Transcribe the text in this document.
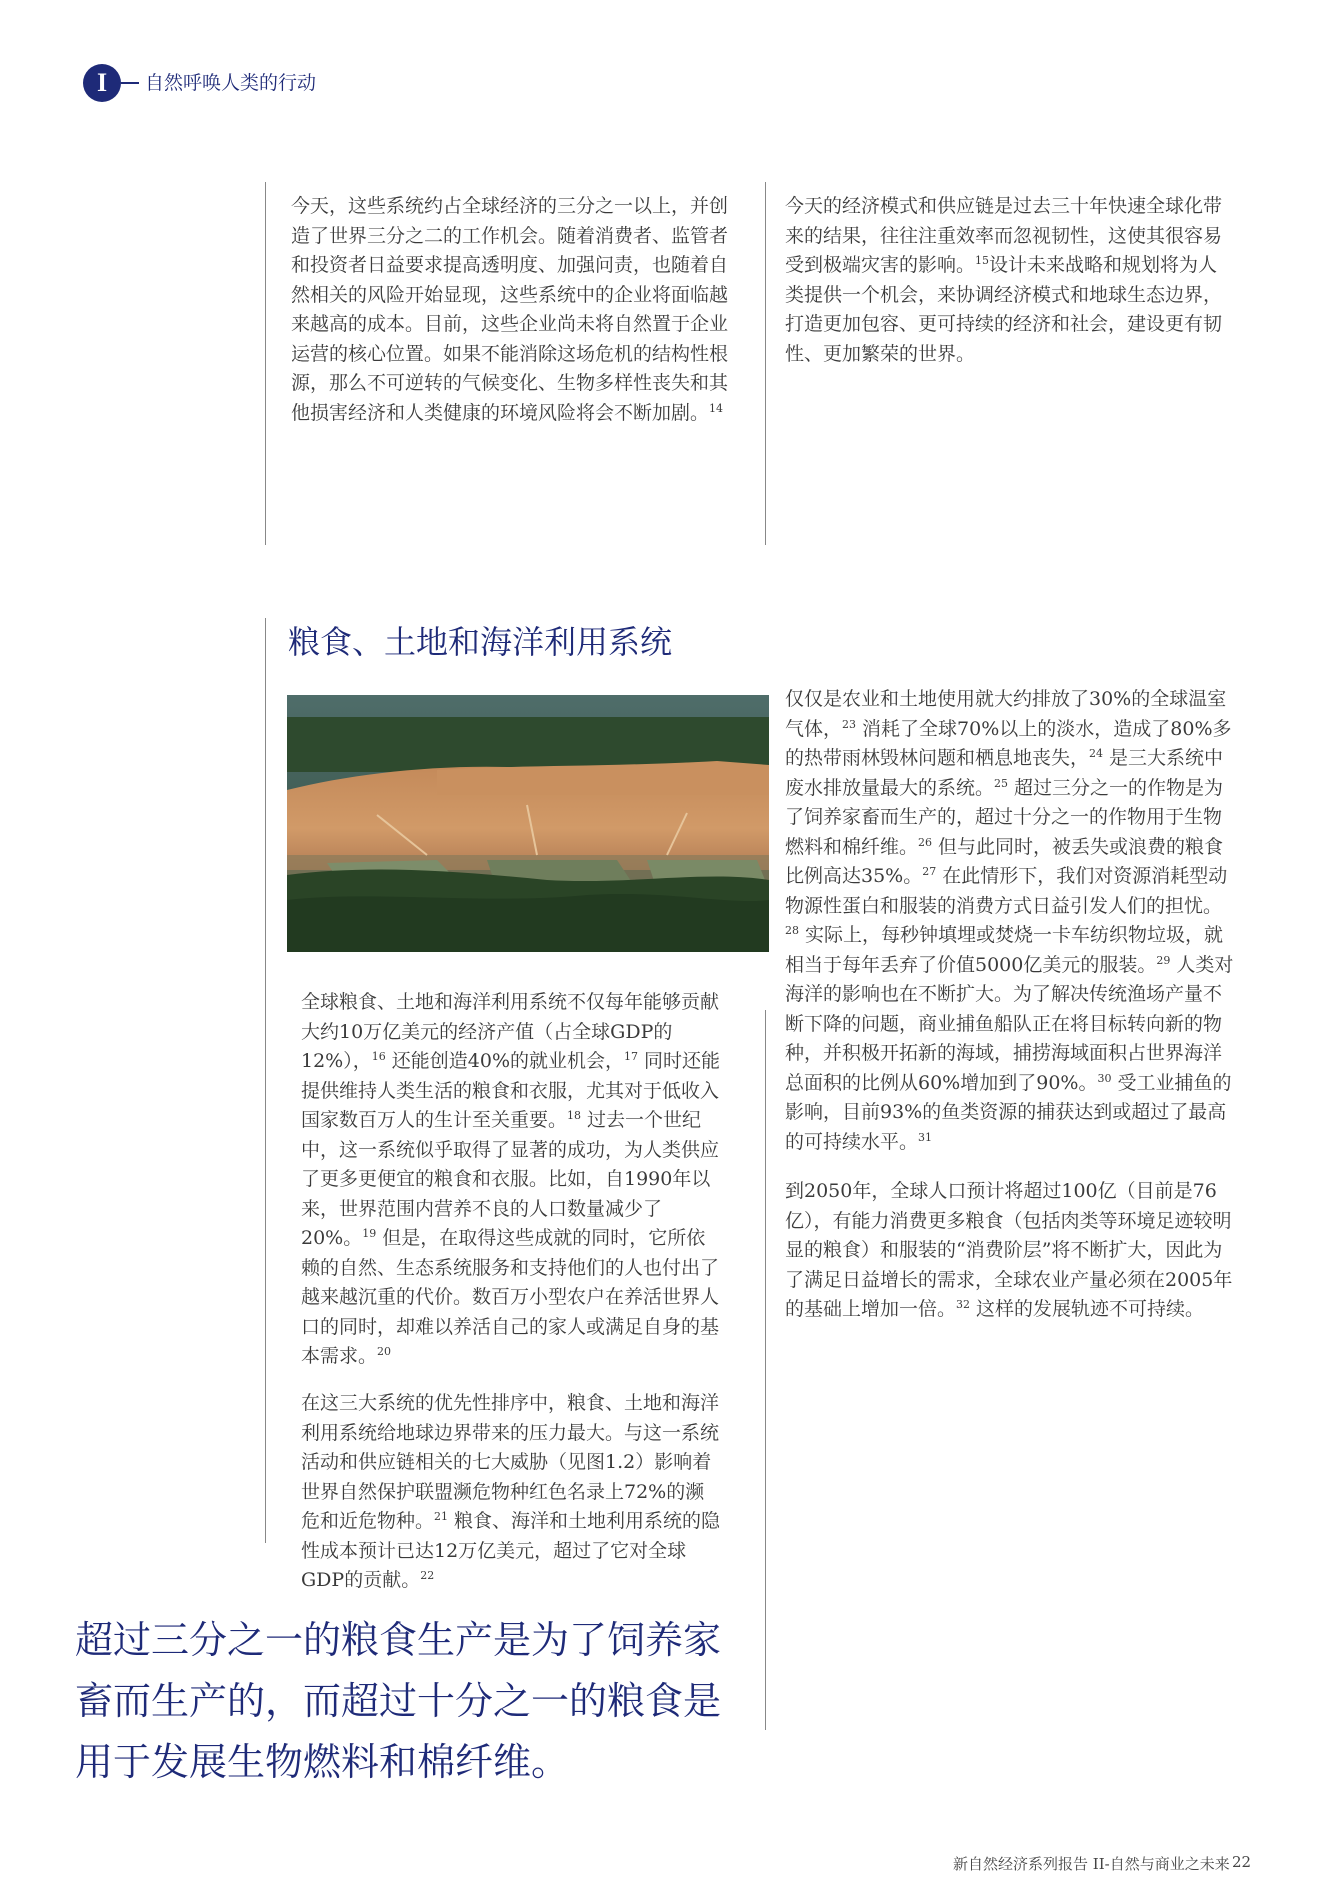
I	自然呼唤人类的行动
今天，这些系统约占全球经济的三分之一以上，并创造了世界三分之二的工作机会。随着消费者、监管者和投资者日益要求提高透明度、加强问责，也随着自然相关的风险开始显现，这些系统中的企业将面临越来越高的成本。目前，这些企业尚未将自然置于企业运营的核心位置。如果不能消除这场危机的结构性根源，那么不可逆转的气候变化、生物多样性丧失和其他损害经济和人类健康的环境风险将会不断加剧。$^{14}$
今天的经济模式和供应链是过去三十年快速全球化带来的结果，往往注重效率而忽视韧性，这使其很容易受到极端灾害的影响。$^{15}$设计未来战略和规划将为人类提供一个机会，来协调经济模式和地球生态边界，打造更加包容、更可持续的经济和社会，建设更有韧性、更加繁荣的世界。
粮食、土地和海洋利用系统
全球粮食、土地和海洋利用系统不仅每年能够贡献大约10万亿美元的经济产值（占全球GDP的12%），$^{16}$ 还能创造40%的就业机会，$^{17}$ 同时还能提供维持人类生活的粮食和衣服，尤其对于低收入国家数百万人的生计至关重要。$^{18}$ 过去一个世纪中，这一系统似乎取得了显著的成功，为人类供应了更多更便宜的粮食和衣服。比如，自1990年以来，世界范围内营养不良的人口数量减少了20%。$^{19}$ 但是，在取得这些成就的同时，它所依赖的自然、生态系统服务和支持他们的人也付出了越来越沉重的代价。数百万小型农户在养活世界人口的同时，却难以养活自己的家人或满足自身的基本需求。$^{20}$
在这三大系统的优先性排序中，粮食、土地和海洋利用系统给地球边界带来的压力最大。与这一系统活动和供应链相关的七大威胁（见图1.2）影响着世界自然保护联盟濒危物种红色名录上72%的濒危和近危物种。$^{21}$ 粮食、海洋和土地利用系统的隐性成本预计已达12万亿美元，超过了它对全球GDP的贡献。$^{22}$
仅仅是农业和土地使用就大约排放了30%的全球温室气体，$^{23}$ 消耗了全球70%以上的淡水，造成了80%多的热带雨林毁林问题和栖息地丧失，$^{24}$ 是三大系统中废水排放量最大的系统。$^{25}$ 超过三分之一的作物是为了饲养家畜而生产的，超过十分之一的作物用于生物燃料和棉纤维。$^{26}$ 但与此同时，被丢失或浪费的粮食比例高达35%。$^{27}$ 在此情形下，我们对资源消耗型动物源性蛋白和服装的消费方式日益引发人们的担忧。$^{28}$ 实际上，每秒钟填埋或焚烧一卡车纺织物垃圾，就相当于每年丢弃了价值5000亿美元的服装。$^{29}$ 人类对海洋的影响也在不断扩大。为了解决传统渔场产量不断下降的问题，商业捕鱼船队正在将目标转向新的物种，并积极开拓新的海域，捕捞海域面积占世界海洋总面积的比例从60%增加到了90%。$^{30}$ 受工业捕鱼的影响，目前93%的鱼类资源的捕获达到或超过了最高的可持续水平。$^{31}$
到2050年，全球人口预计将超过100亿（目前是76亿），有能力消费更多粮食（包括肉类等环境足迹较明显的粮食）和服装的“消费阶层”将不断扩大，因此为了满足日益增长的需求，全球农业产量必须在2005年的基础上增加一倍。$^{32}$ 这样的发展轨迹不可持续。
超过三分之一的粮食生产是为了饲养家畜而生产的，而超过十分之一的粮食是用于发展生物燃料和棉纤维。
新自然经济系列报告 II-自然与商业之未来 22
